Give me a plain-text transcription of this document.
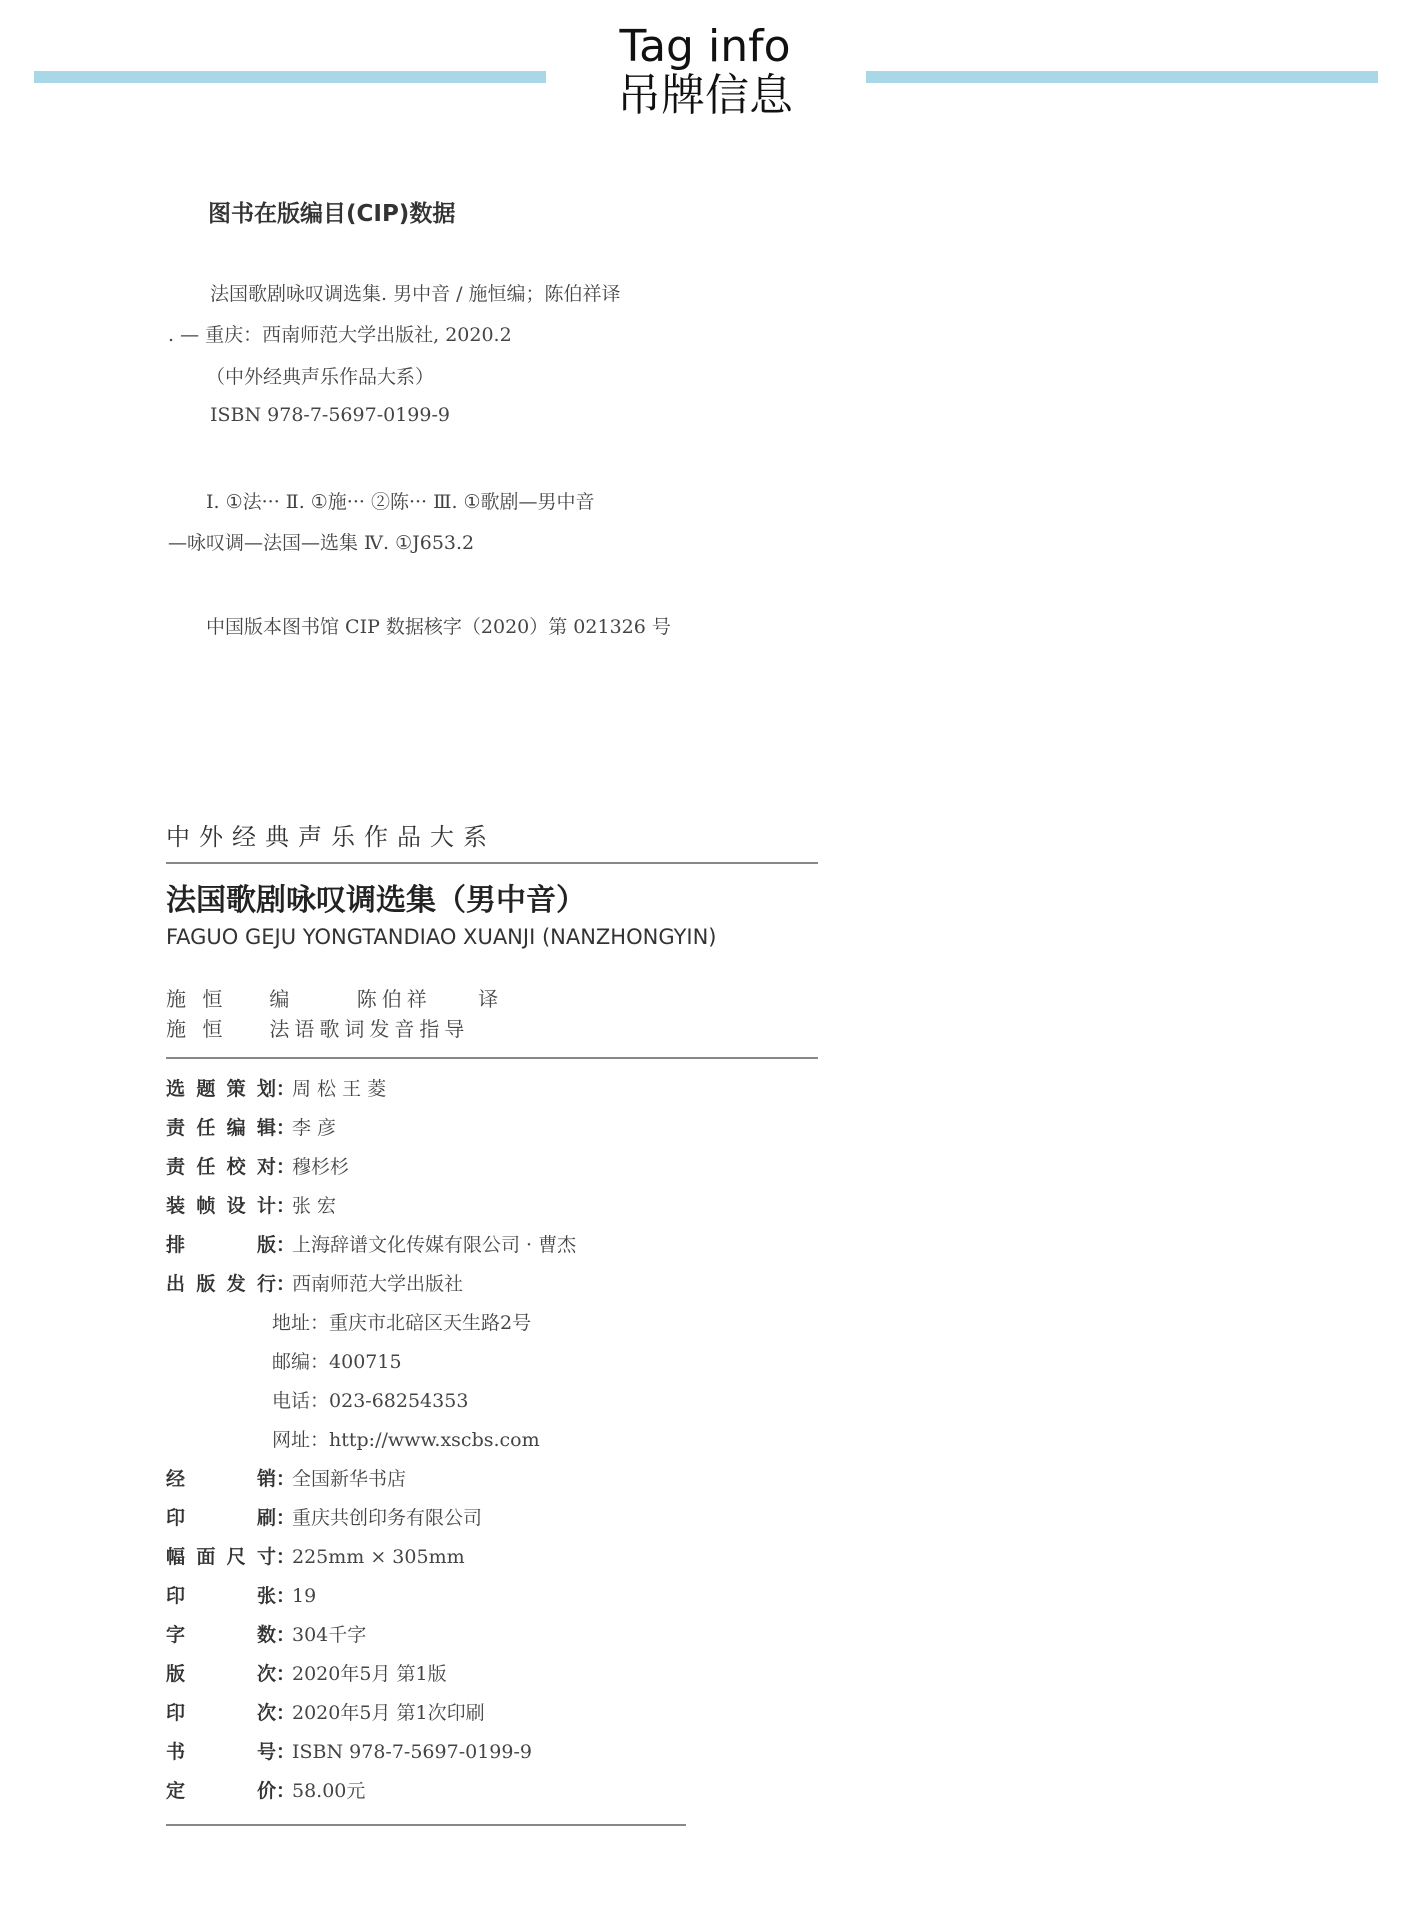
Tag info
吊牌信息
图书在版编目(CIP)数据
法国歌剧咏叹调选集. 男中音 / 施恒编；陈伯祥译
. — 重庆：西南师范大学出版社, 2020.2
（中外经典声乐作品大系）
ISBN 978-7-5697-0199-9
Ⅰ. ①法··· Ⅱ. ①施··· ②陈··· Ⅲ. ①歌剧—男中音
—咏叹调—法国—选集 Ⅳ. ①J653.2
中国版本图书馆 CIP 数据核字（2020）第 021326 号
中外经典声乐作品大系
法国歌剧咏叹调选集（男中音）
FAGUO GEJU YONGTANDIAO XUANJI (NANZHONGYIN)
施 恒 编	陈伯祥 译
施 恒 法语歌词发音指导
选题策划：周 松 王 菱
责任编辑：李 彦
责任校对：穆杉杉
装帧设计：张 宏
排版：上海辞谱文化传媒有限公司 · 曹杰
出版发行：西南师范大学出版社
地址：重庆市北碚区天生路2号
邮编：400715
电话：023-68254353
网址：http://www.xscbs.com
经销：全国新华书店
印刷：重庆共创印务有限公司
幅面尺寸：225mm × 305mm
印张：19
字数：304千字
版次：2020年5月 第1版
印次：2020年5月 第1次印刷
书号：ISBN 978-7-5697-0199-9
定价：58.00元
